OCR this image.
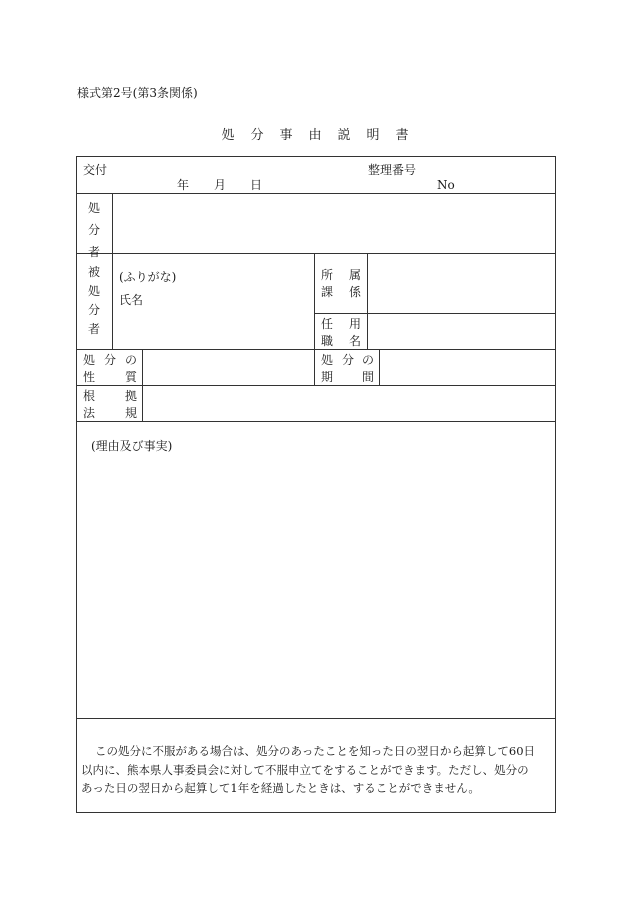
様式第2号(第3条関係)
処 分 事 由 説 明 書
交付
年 月 日
整理番号
No
処
分
者
被
処
分
者
(ふりがな)
氏名
所 属
課 係
任 用
職 名
処 分 の
性 質
処 分 の
期 間
根 拠
法 規
(理由及び事実)
この処分に不服がある場合は、処分のあったことを知った日の翌日から起算して60日
以内に、熊本県人事委員会に対して不服申立てをすることができます。ただし、処分の
あった日の翌日から起算して1年を経過したときは、することができません。
